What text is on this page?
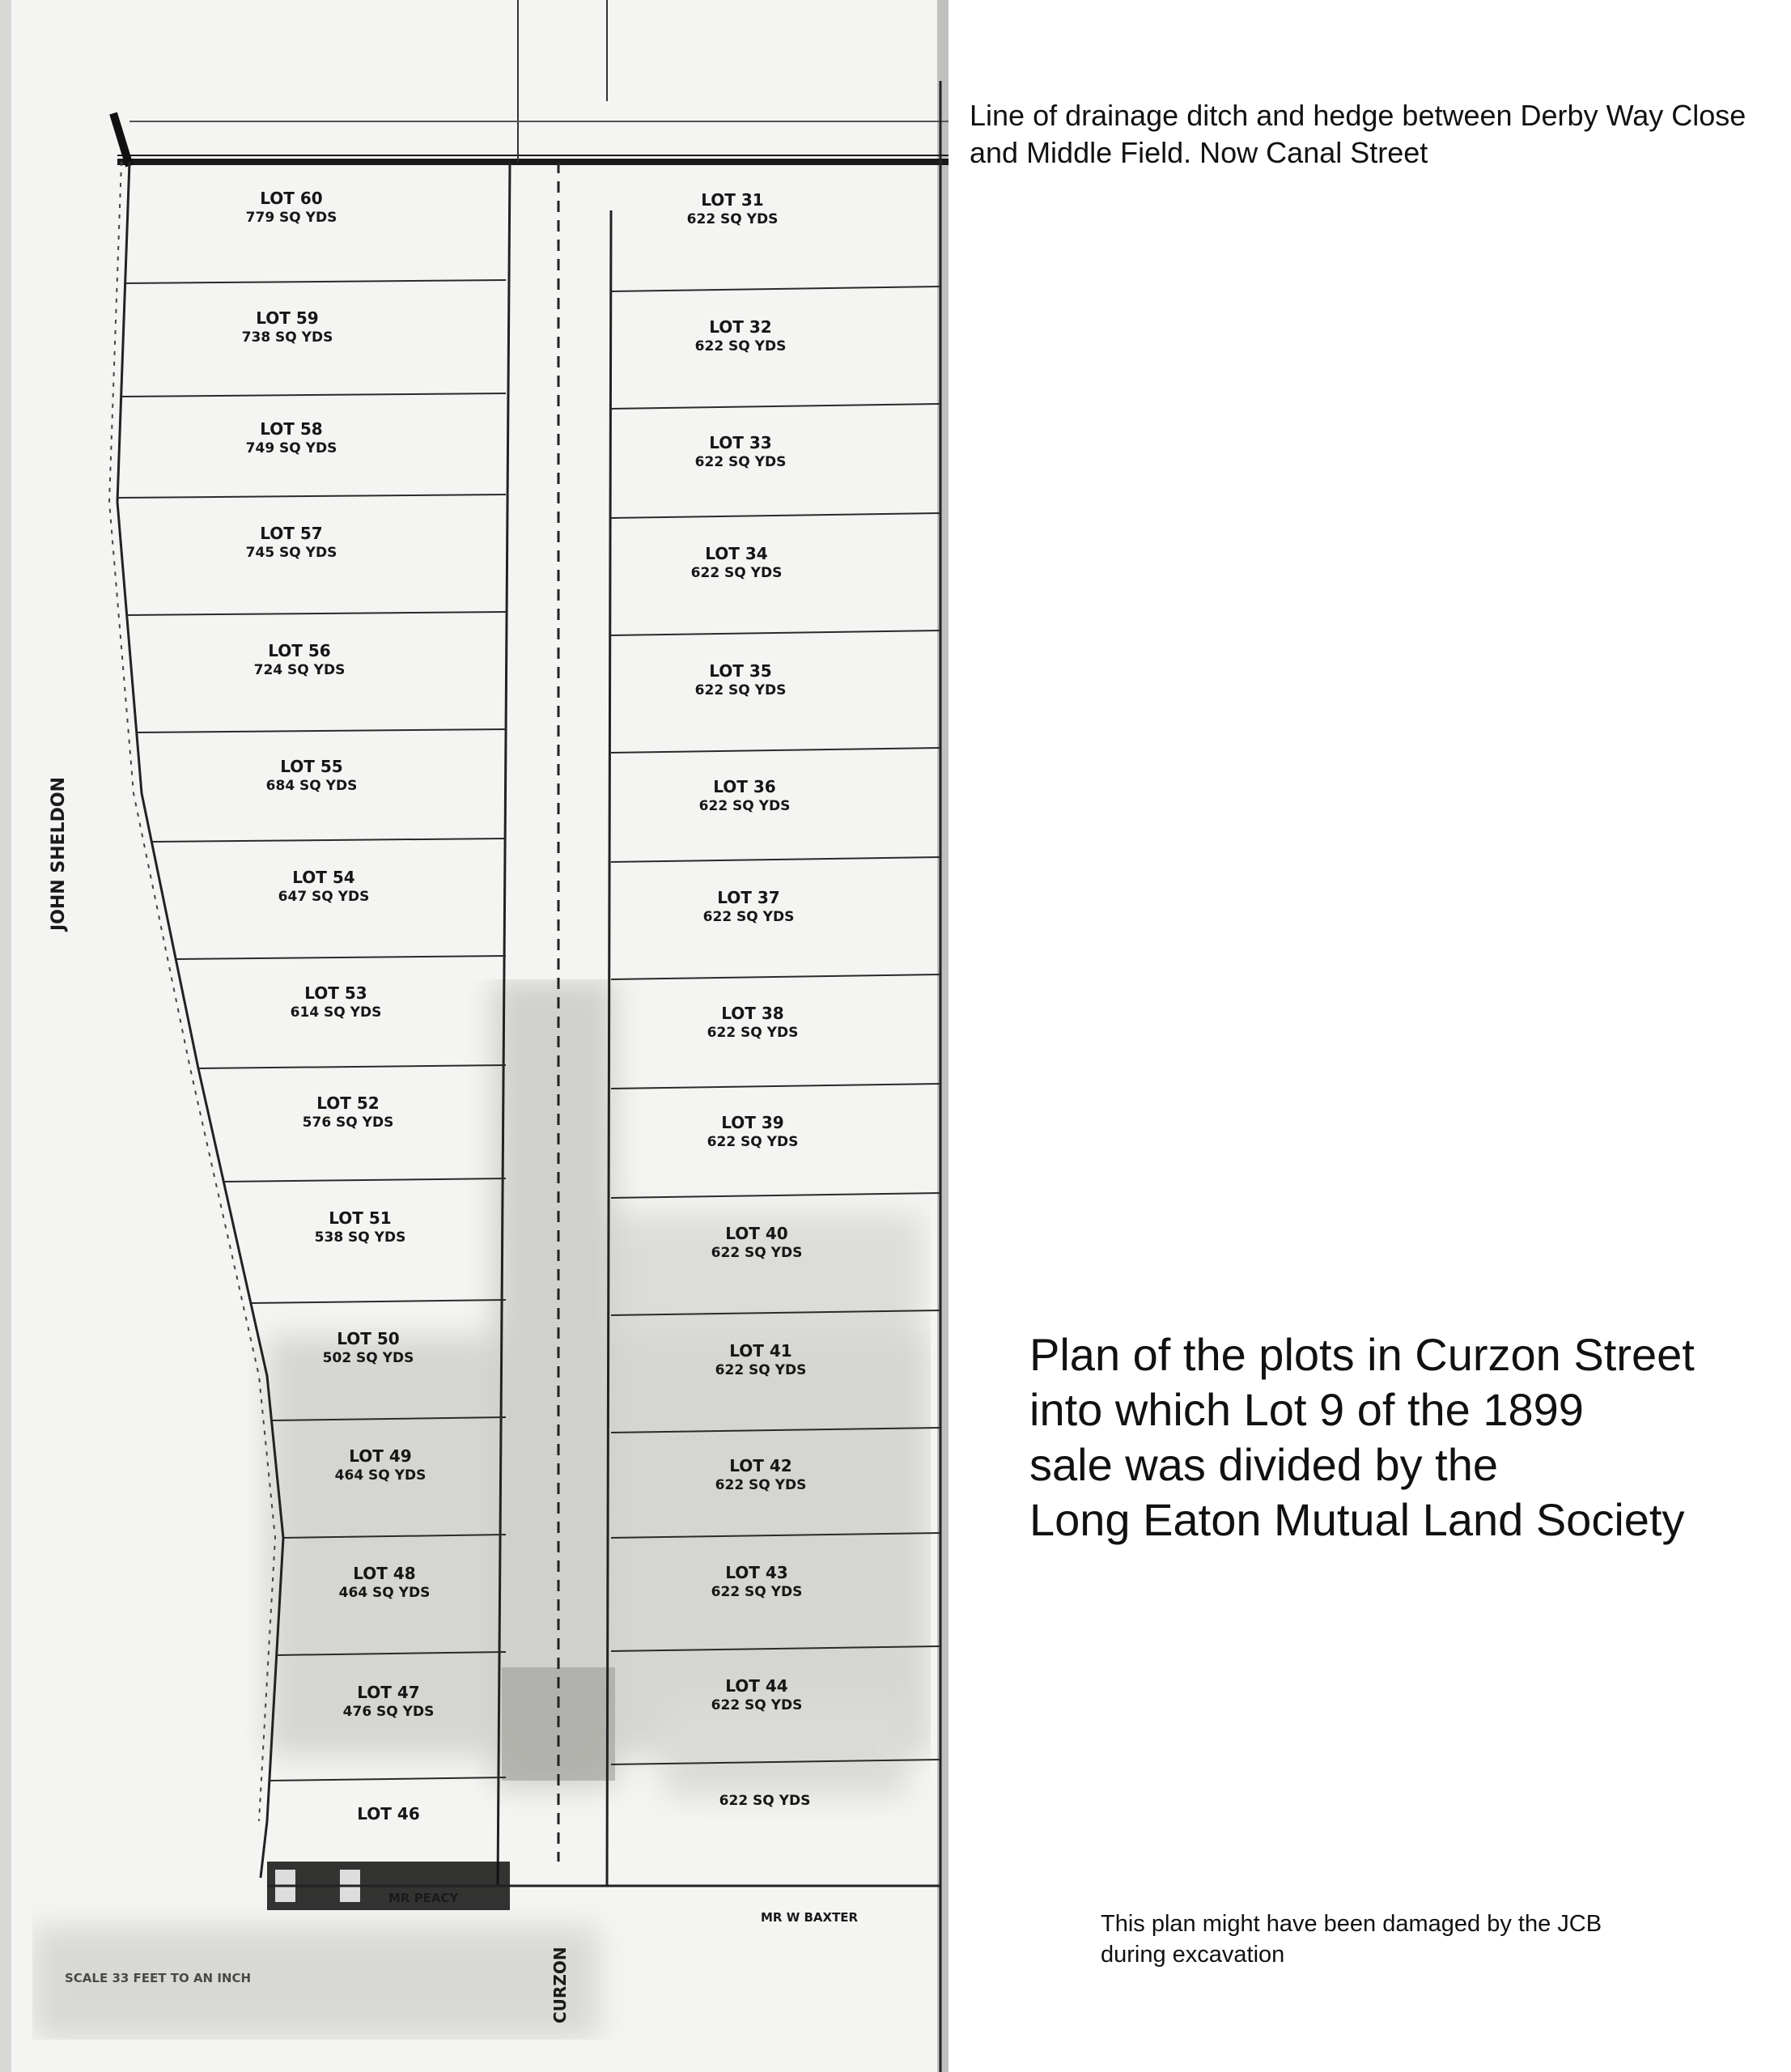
LOT 60
779 SQ YDS
LOT 59
738 SQ YDS
LOT 58
749 SQ YDS
LOT 57
745 SQ YDS
LOT 56
724 SQ YDS
LOT 55
684 SQ YDS
LOT 54
647 SQ YDS
LOT 53
614 SQ YDS
LOT 52
576 SQ YDS
LOT 51
538 SQ YDS
LOT 50
502 SQ YDS
LOT 49
464 SQ YDS
LOT 48
464 SQ YDS
LOT 47
476 SQ YDS
LOT 46
LOT 31
622 SQ YDS
LOT 32
622 SQ YDS
LOT 33
622 SQ YDS
LOT 34
622 SQ YDS
LOT 35
622 SQ YDS
LOT 36
622 SQ YDS
LOT 37
622 SQ YDS
LOT 38
622 SQ YDS
LOT 39
622 SQ YDS
LOT 40
622 SQ YDS
LOT 41
622 SQ YDS
LOT 42
622 SQ YDS
LOT 43
622 SQ YDS
LOT 44
622 SQ YDS
622 SQ YDS
JOHN SHELDON
CURZON
MR PEACY
MR W BAXTER
SCALE 33 FEET TO AN INCH
Line of drainage ditch and hedge between Derby Way Close and Middle Field. Now Canal Street
Plan of the plots in Curzon Street
into which Lot 9 of the 1899
sale was divided by the
Long Eaton Mutual Land Society
This plan might have been damaged by the JCB
during excavation
